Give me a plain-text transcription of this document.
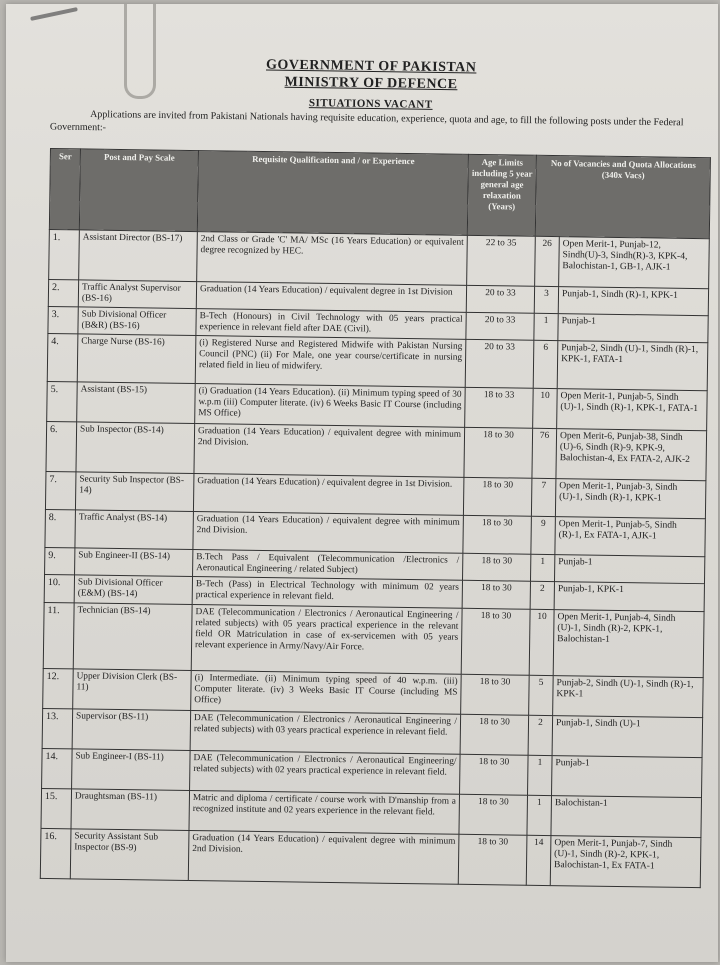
GOVERNMENT OF PAKISTAN
MINISTRY OF DEFENCE
SITUATIONS VACANT
Applications are invited from Pakistani Nationals having requisite education, experience, quota and age, to fill the following posts under the Federal Government:-
Ser	Post and Pay Scale	Requisite Qualification and / or Experience	Age Limits including 5 year general age relaxation (Years)	No of Vacancies and Quota Allocations (340x Vacs)	
1.	Assistant Director (BS-17)	2nd Class or Grade 'C' MA/ MSc (16 Years Education) or equivalent degree recognized by HEC.	22 to 35	26	Open Merit-1, Punjab-12, Sindh(U)-3, Sindh(R)-3, KPK-4, Balochistan-1, GB-1, AJK-1
2.	Traffic Analyst Supervisor (BS-16)	Graduation (14 Years Education) / equivalent degree in 1st Division	20 to 33	3	Punjab-1, Sindh (R)-1, KPK-1
3.	Sub Divisional Officer (B&R) (BS-16)	B-Tech (Honours) in Civil Technology with 05 years practical experience in relevant field after DAE (Civil).	20 to 33	1	Punjab-1
4.	Charge Nurse (BS-16)	(i) Registered Nurse and Registered Midwife with Pakistan Nursing Council (PNC) (ii) For Male, one year course/certificate in nursing related field in lieu of midwifery.	20 to 33	6	Punjab-2, Sindh (U)-1, Sindh (R)-1, KPK-1, FATA-1
5.	Assistant (BS-15)	(i) Graduation (14 Years Education). (ii) Minimum typing speed of 30 w.p.m (iii) Computer literate. (iv) 6 Weeks Basic IT Course (including MS Office)	18 to 33	10	Open Merit-1, Punjab-5, Sindh (U)-1, Sindh (R)-1, KPK-1, FATA-1
6.	Sub Inspector (BS-14)	Graduation (14 Years Education) / equivalent degree with minimum 2nd Division.	18 to 30	76	Open Merit-6, Punjab-38, Sindh (U)-6, Sindh (R)-9, KPK-9, Balochistan-4, Ex FATA-2, AJK-2
7.	Security Sub Inspector (BS-14)	Graduation (14 Years Education) / equivalent degree in 1st Division.	18 to 30	7	Open Merit-1, Punjab-3, Sindh (U)-1, Sindh (R)-1, KPK-1
8.	Traffic Analyst (BS-14)	Graduation (14 Years Education) / equivalent degree with minimum 2nd Division.	18 to 30	9	Open Merit-1, Punjab-5, Sindh (R)-1, Ex FATA-1, AJK-1
9.	Sub Engineer-II (BS-14)	B.Tech Pass / Equivalent (Telecommunication /Electronics / Aeronautical Engineering / related Subject)	18 to 30	1	Punjab-1
10.	Sub Divisional Officer (E&M) (BS-14)	B-Tech (Pass) in Electrical Technology with minimum 02 years practical experience in relevant field.	18 to 30	2	Punjab-1, KPK-1
11.	Technician (BS-14)	DAE (Telecommunication / Electronics / Aeronautical Engineering / related subjects) with 05 years practical experience in the relevant field OR Matriculation in case of ex-servicemen with 05 years relevant experience in Army/Navy/Air Force.	18 to 30	10	Open Merit-1, Punjab-4, Sindh (U)-1, Sindh (R)-2, KPK-1, Balochistan-1
12.	Upper Division Clerk (BS-11)	(i) Intermediate. (ii) Minimum typing speed of 40 w.p.m. (iii) Computer literate. (iv) 3 Weeks Basic IT Course (including MS Office)	18 to 30	5	Punjab-2, Sindh (U)-1, Sindh (R)-1, KPK-1
13.	Supervisor (BS-11)	DAE (Telecommunication / Electronics / Aeronautical Engineering / related subjects) with 03 years practical experience in relevant field.	18 to 30	2	Punjab-1, Sindh (U)-1
14.	Sub Engineer-I (BS-11)	DAE (Telecommunication / Electronics / Aeronautical Engineering/ related subjects) with 02 years practical experience in relevant field.	18 to 30	1	Punjab-1
15.	Draughtsman (BS-11)	Matric and diploma / certificate / course work with D'manship from a recognized institute and 02 years experience in the relevant field.	18 to 30	1	Balochistan-1
16.	Security Assistant Sub Inspector (BS-9)	Graduation (14 Years Education) / equivalent degree with minimum 2nd Division.	18 to 30	14	Open Merit-1, Punjab-7, Sindh (U)-1, Sindh (R)-2, KPK-1, Balochistan-1, Ex FATA-1
